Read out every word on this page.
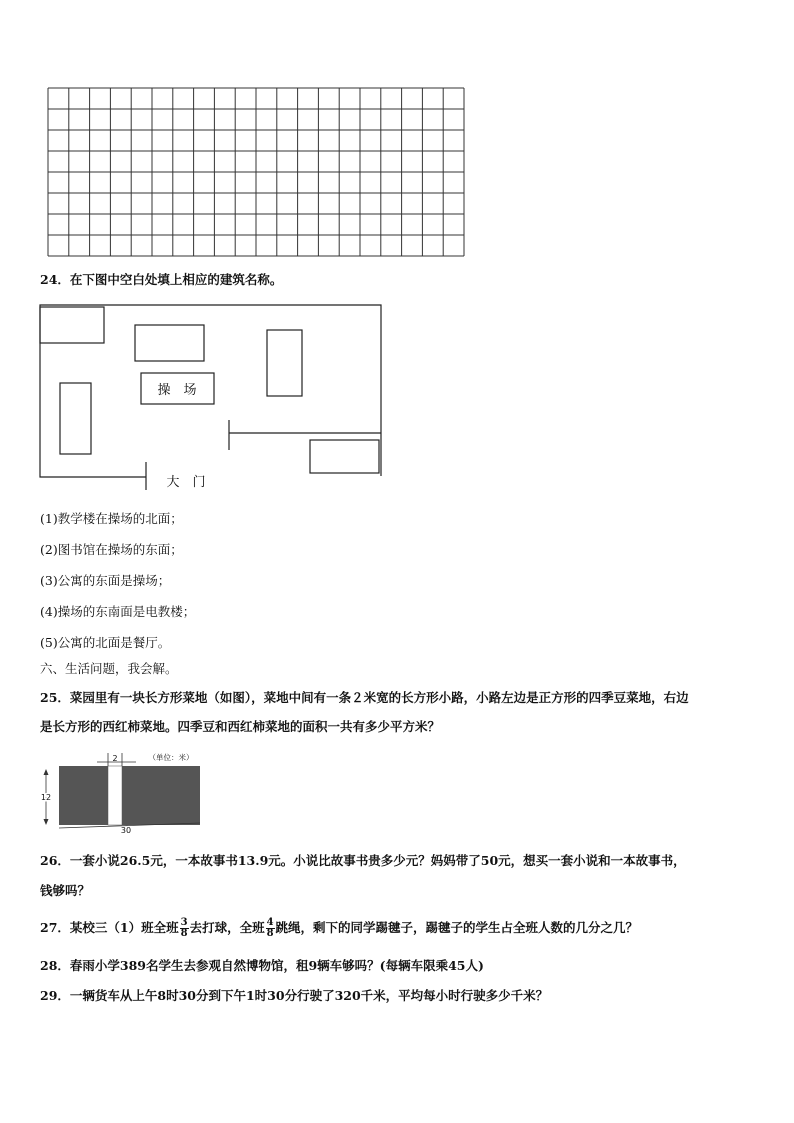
24．在下图中空白处填上相应的建筑名称。
操　场
大　门
(1)教学楼在操场的北面；
(2)图书馆在操场的东面；
(3)公寓的东面是操场；
(4)操场的东南面是电教楼；
(5)公寓的北面是餐厅。
六、生活问题，我会解。
25．菜园里有一块长方形菜地（如图），菜地中间有一条２米宽的长方形小路，小路左边是正方形的四季豆菜地，右边
是长方形的西红柿菜地。四季豆和西红柿菜地的面积一共有多少平方米？
2	（单位：米）
12
30
26．一套小说26.5元，一本故事书13.9元。小说比故事书贵多少元？妈妈带了50元，想买一套小说和一本故事书，
钱够吗？
27．某校三（1）班全班 $\frac{3}{8}$ 去打球，全班 $\frac{4}{8}$ 跳绳，剩下的同学踢毽子，踢毽子的学生占全班人数的几分之几？
28．春雨小学389名学生去参观自然博物馆，租9辆车够吗？(每辆车限乘45人)
29．一辆货车从上午8时30分到下午1时30分行驶了320千米，平均每小时行驶多少千米？
